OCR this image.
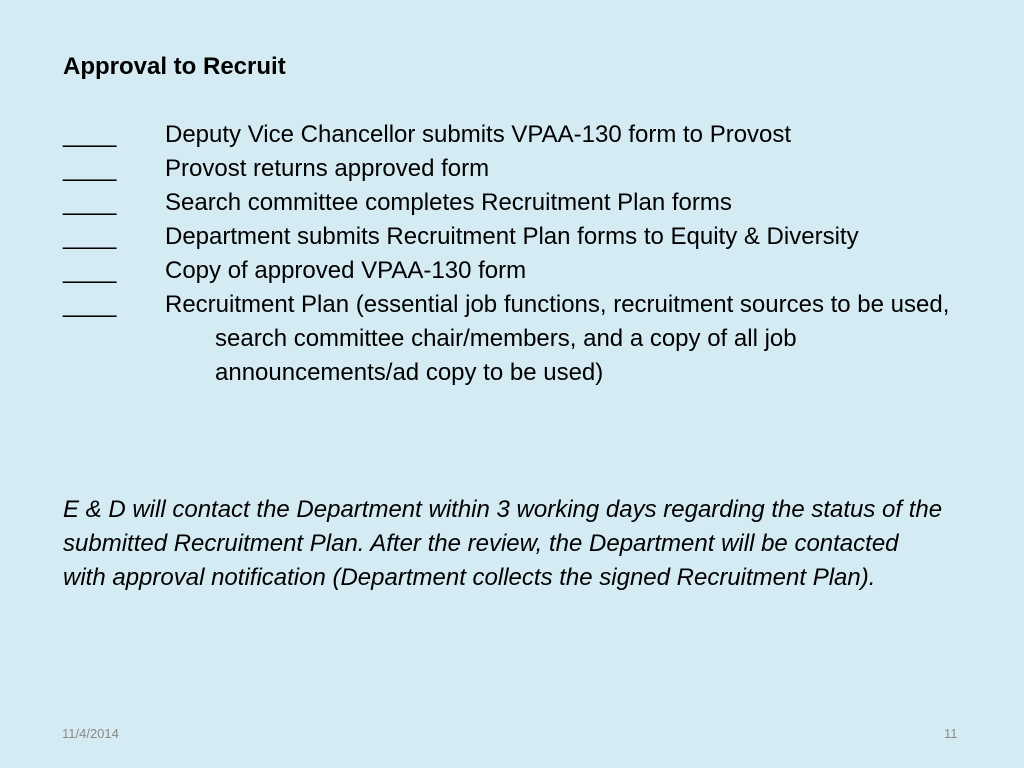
Approval to Recruit
____	Deputy Vice Chancellor submits VPAA-130 form to Provost
____	Provost returns approved form
____	Search committee completes Recruitment Plan forms
____	Department submits Recruitment Plan forms to Equity & Diversity
____	Copy of approved VPAA-130 form
____	Recruitment Plan (essential job functions, recruitment sources to be used, search committee chair/members, and a copy of all job announcements/ad copy to be used)
E & D will contact the Department within 3 working days regarding the status of the submitted Recruitment Plan. After the review, the Department will be contacted with approval notification (Department collects the signed Recruitment Plan).
11/4/2014	11
